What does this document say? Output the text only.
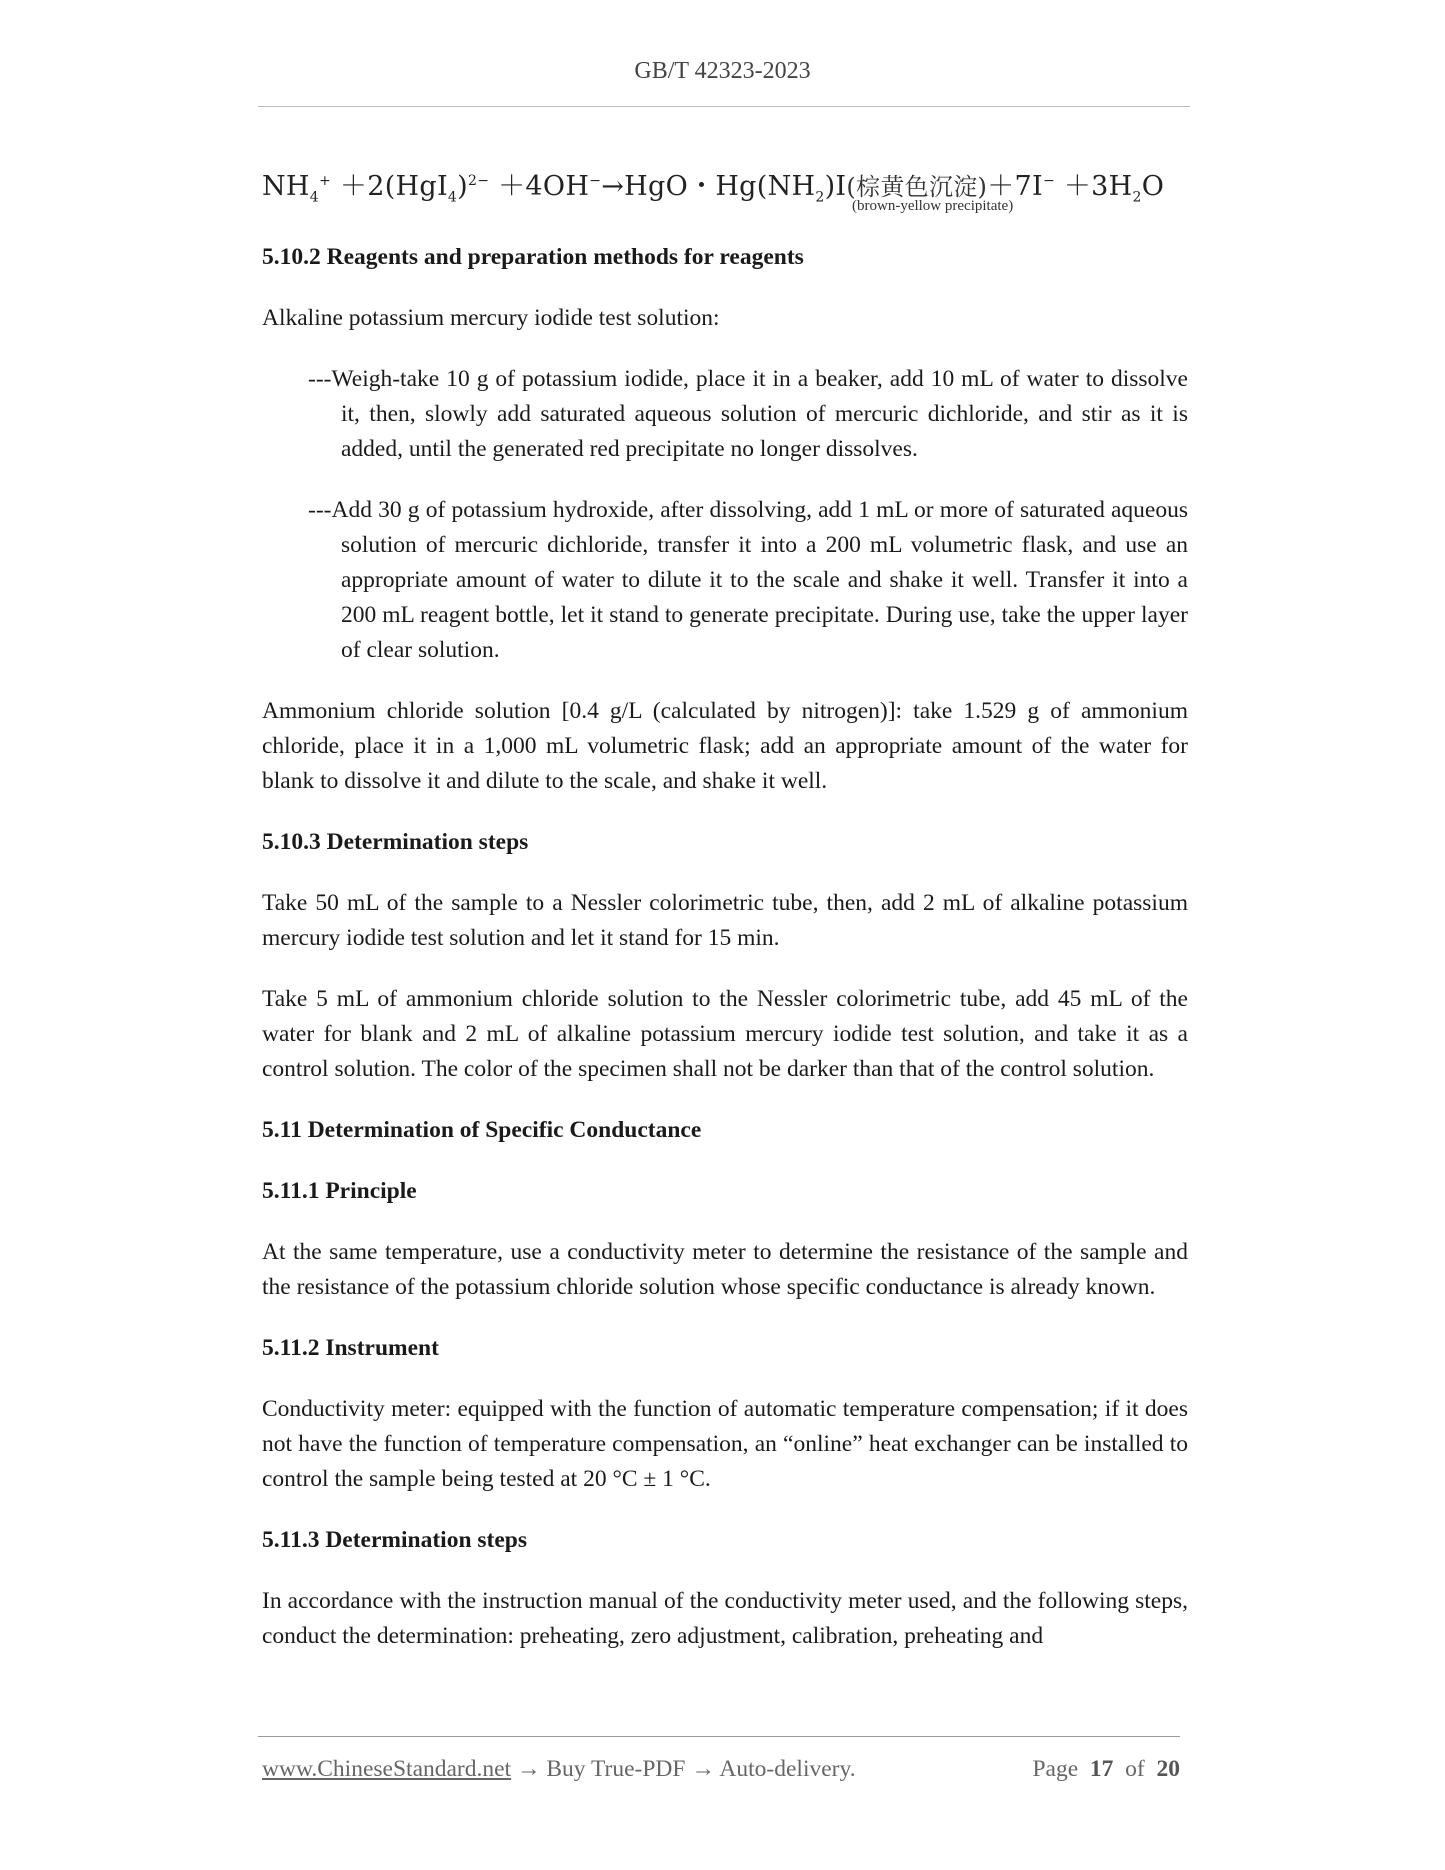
GB/T 42323-2023
$NH_4^+ +2(HgI_4)^{2-} +4OH^-\to HgO$・$Hg(NH_2)I$(棕黄色沉淀)$+7I^- +3H_2O$
(brown-yellow precipitate)

5.10.2 Reagents and preparation methods for reagents

Alkaline potassium mercury iodide test solution:

---Weigh-take 10 g of potassium iodide, place it in a beaker, add 10 mL of water to dissolve it, then, slowly add saturated aqueous solution of mercuric dichloride, and stir as it is added, until the generated red precipitate no longer dissolves.

---Add 30 g of potassium hydroxide, after dissolving, add 1 mL or more of saturated aqueous solution of mercuric dichloride, transfer it into a 200 mL volumetric flask, and use an appropriate amount of water to dilute it to the scale and shake it well. Transfer it into a 200 mL reagent bottle, let it stand to generate precipitate. During use, take the upper layer of clear solution.

Ammonium chloride solution [0.4 g/L (calculated by nitrogen)]: take 1.529 g of ammonium chloride, place it in a 1,000 mL volumetric flask; add an appropriate amount of the water for blank to dissolve it and dilute to the scale, and shake it well.

5.10.3 Determination steps

Take 50 mL of the sample to a Nessler colorimetric tube, then, add 2 mL of alkaline potassium mercury iodide test solution and let it stand for 15 min.

Take 5 mL of ammonium chloride solution to the Nessler colorimetric tube, add 45 mL of the water for blank and 2 mL of alkaline potassium mercury iodide test solution, and take it as a control solution. The color of the specimen shall not be darker than that of the control solution.

5.11 Determination of Specific Conductance

5.11.1 Principle

At the same temperature, use a conductivity meter to determine the resistance of the sample and the resistance of the potassium chloride solution whose specific conductance is already known.

5.11.2 Instrument

Conductivity meter: equipped with the function of automatic temperature compensation; if it does not have the function of temperature compensation, an “online” heat exchanger can be installed to control the sample being tested at 20 °C ± 1 °C.

5.11.3 Determination steps

In accordance with the instruction manual of the conductivity meter used, and the following steps, conduct the determination: preheating, zero adjustment, calibration, preheating and

www.ChineseStandard.net → Buy True-PDF → Auto-delivery.	Page 17 of 20
